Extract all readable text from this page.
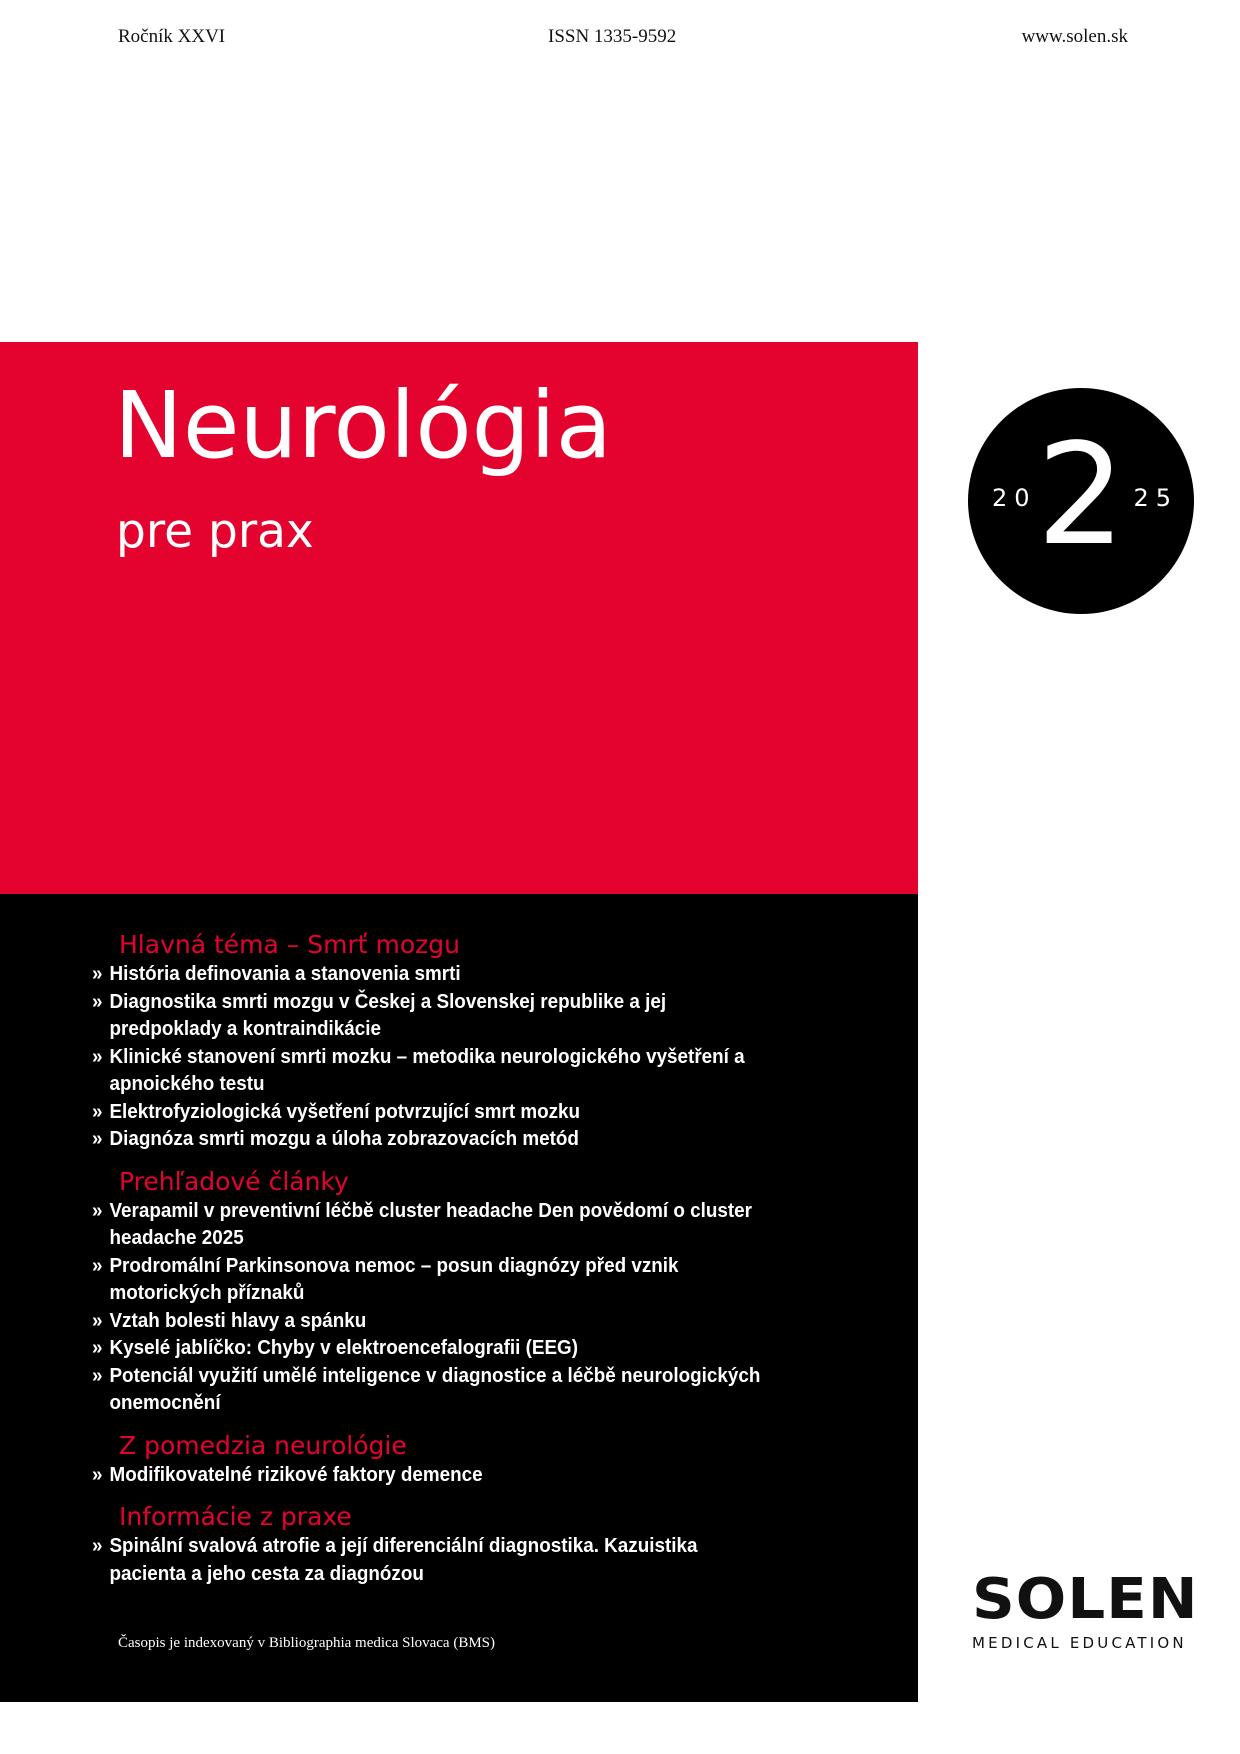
Ročník XXVI	ISSN 1335-9592	www.solen.sk
Neurológia
pre prax
20 2 25
Hlavná téma – Smrť mozgu
» História definovania a stanovenia smrti
» Diagnostika smrti mozgu v Českej a Slovenskej republike a jej predpoklady a kontraindikácie
» Klinické stanovení smrti mozku – metodika neurologického vyšetření a apnoického testu
» Elektrofyziologická vyšetření potvrzující smrt mozku
» Diagnóza smrti mozgu a úloha zobrazovacích metód
Prehľadové články
» Verapamil v preventivní léčbě cluster headache Den povědomí o cluster headache 2025
» Prodromální Parkinsonova nemoc – posun diagnózy před vznik motorických příznaků
» Vztah bolesti hlavy a spánku
» Kyselé jablíčko: Chyby v elektroencefalografii (EEG)
» Potenciál využití umělé inteligence v diagnostice a léčbě neurologických onemocnění
Z pomedzia neurológie
» Modifikovatelné rizikové faktory demence
Informácie z praxe
» Spinální svalová atrofie a její diferenciální diagnostika. Kazuistika pacienta a jeho cesta za diagnózou
Časopis je indexovaný v Bibliographia medica Slovaca (BMS)
SOLEN
MEDICAL EDUCATION
